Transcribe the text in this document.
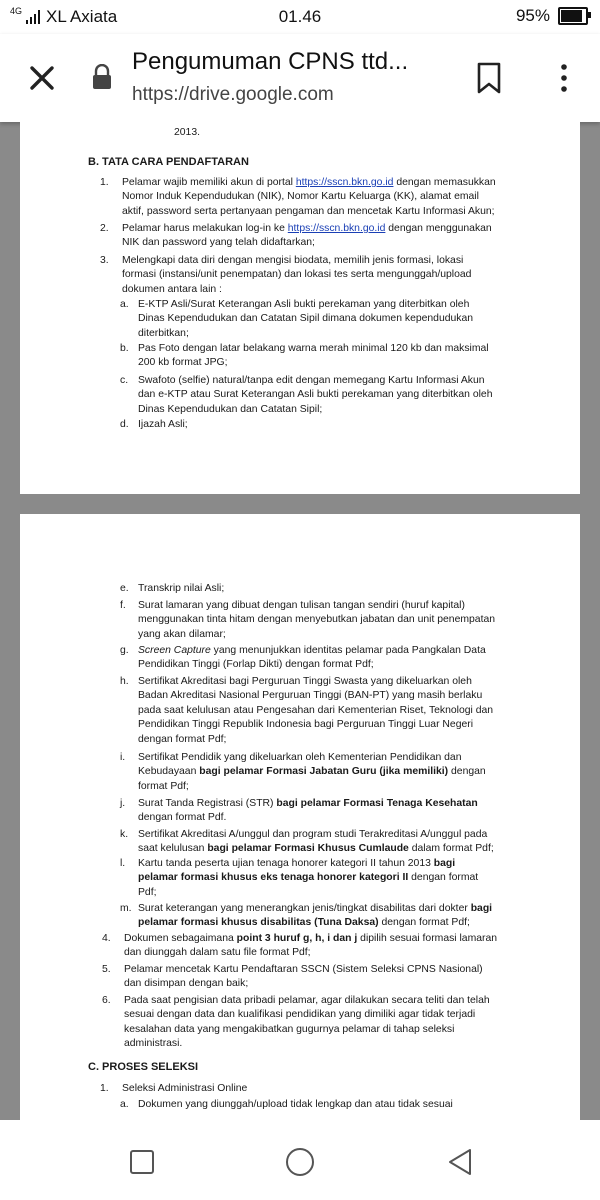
4G XL Axiata	01.46	95%
Pengumuman CPNS ttd...
https://drive.google.com
2013.
B. TATA CARA PENDAFTARAN
1. Pelamar wajib memiliki akun di portal https://sscn.bkn.go.id dengan memasukkan
Nomor Induk Kependudukan (NIK), Nomor Kartu Keluarga (KK), alamat email
aktif, password serta pertanyaan pengaman dan mencetak Kartu Informasi Akun;
2. Pelamar harus melakukan log-in ke https://sscn.bkn.go.id dengan menggunakan
NIK dan password yang telah didaftarkan;
3. Melengkapi data diri dengan mengisi biodata, memilih jenis formasi, lokasi
formasi (instansi/unit penempatan) dan lokasi tes serta mengunggah/upload
dokumen antara lain :
a. E-KTP Asli/Surat Keterangan Asli bukti perekaman yang diterbitkan oleh
Dinas Kependudukan dan Catatan Sipil dimana dokumen kependudukan
diterbitkan;
b. Pas Foto dengan latar belakang warna merah minimal 120 kb dan maksimal
200 kb format JPG;
c. Swafoto (selfie) natural/tanpa edit dengan memegang Kartu Informasi Akun
dan e-KTP atau Surat Keterangan Asli bukti perekaman yang diterbitkan oleh
Dinas Kependudukan dan Catatan Sipil;
d. Ijazah Asli;
e. Transkrip nilai Asli;
f. Surat lamaran yang dibuat dengan tulisan tangan sendiri (huruf kapital)
menggunakan tinta hitam dengan menyebutkan jabatan dan unit penempatan
yang akan dilamar;
g. Screen Capture yang menunjukkan identitas pelamar pada Pangkalan Data
Pendidikan Tinggi (Forlap Dikti) dengan format Pdf;
h. Sertifikat Akreditasi bagi Perguruan Tinggi Swasta yang dikeluarkan oleh
Badan Akreditasi Nasional Perguruan Tinggi (BAN-PT) yang masih berlaku
pada saat kelulusan atau Pengesahan dari Kementerian Riset, Teknologi dan
Pendidikan Tinggi Republik Indonesia bagi Perguruan Tinggi Luar Negeri
dengan format Pdf;
i. Sertifikat Pendidik yang dikeluarkan oleh Kementerian Pendidikan dan
Kebudayaan bagi pelamar Formasi Jabatan Guru (jika memiliki) dengan
format Pdf;
j. Surat Tanda Registrasi (STR) bagi pelamar Formasi Tenaga Kesehatan
dengan format Pdf.
k. Sertifikat Akreditasi A/unggul dan program studi Terakreditasi A/unggul pada
saat kelulusan bagi pelamar Formasi Khusus Cumlaude dalam format Pdf;
l. Kartu tanda peserta ujian tenaga honorer kategori II tahun 2013 bagi
pelamar formasi khusus eks tenaga honorer kategori II dengan format
Pdf;
m. Surat keterangan yang menerangkan jenis/tingkat disabilitas dari dokter bagi
pelamar formasi khusus disabilitas (Tuna Daksa) dengan format Pdf;
4. Dokumen sebagaimana point 3 huruf g, h, i dan j dipilih sesuai formasi lamaran
dan diunggah dalam satu file format Pdf;
5. Pelamar mencetak Kartu Pendaftaran SSCN (Sistem Seleksi CPNS Nasional)
dan disimpan dengan baik;
6. Pada saat pengisian data pribadi pelamar, agar dilakukan secara teliti dan telah
sesuai dengan data dan kualifikasi pendidikan yang dimiliki agar tidak terjadi
kesalahan data yang mengakibatkan gugurnya pelamar di tahap seleksi
administrasi.
C. PROSES SELEKSI
1. Seleksi Administrasi Online
a. Dokumen yang diunggah/upload tidak lengkap dan atau tidak sesuai
